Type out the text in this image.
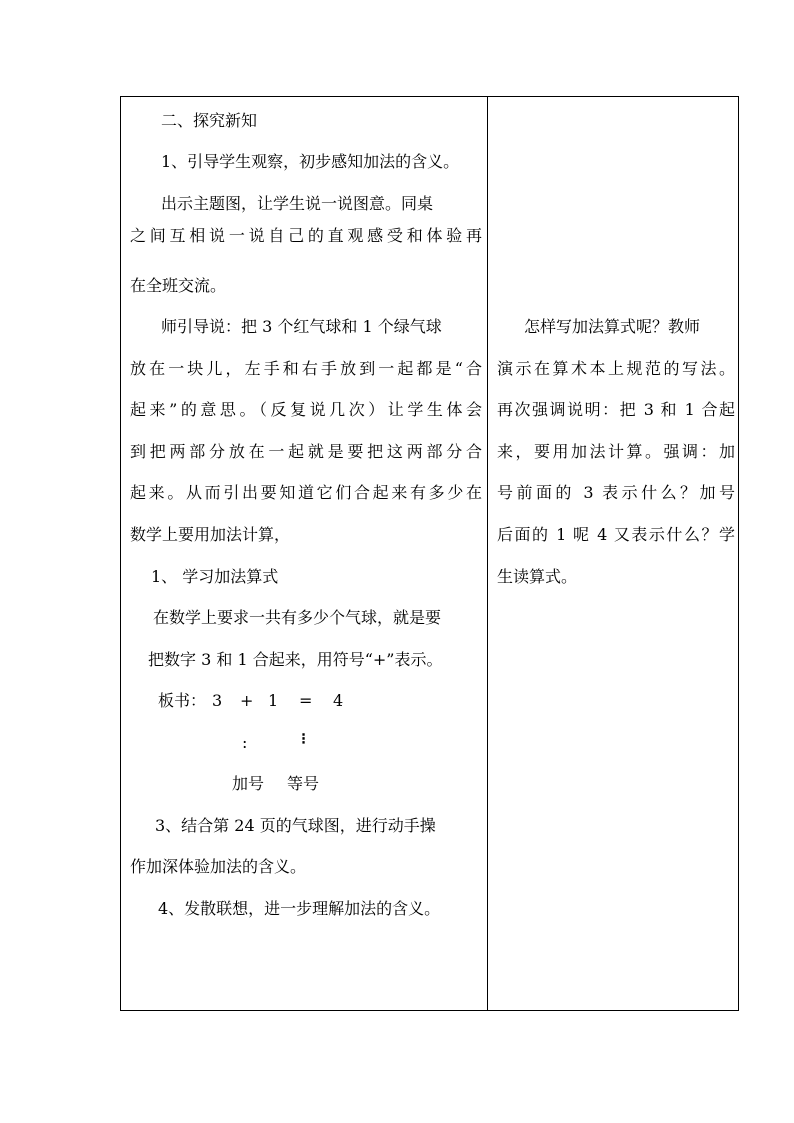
二、探究新知
1、引导学生观察，初步感知加法的含义。
出示主题图，让学生说一说图意。同桌
之间互相说一说自己的直观感受和体验再
在全班交流。
师引导说：把 3 个红气球和 1 个绿气球
放在一块儿，左手和右手放到一起都是“合
起来”的意思。（反复说几次）让学生体会
到把两部分放在一起就是要把这两部分合
起来。从而引出要知道它们合起来有多少在
数学上要用加法计算，
1、 学习加法算式
在数学上要求一共有多少个气球，就是要
把数字 3 和 1 合起来，用符号“+”表示。
板书： 3 + 1 = 4
:	⁝
加号 等号
3、结合第 24 页的气球图，进行动手操
作加深体验加法的含义。
4、发散联想，进一步理解加法的含义。
怎样写加法算式呢？教师
演示在算术本上规范的写法。
再次强调说明：把 3 和 1 合起
来，要用加法计算。强调：加
号前面的 3 表示什么？加号
后面的 1 呢 4 又表示什么？学
生读算式。
